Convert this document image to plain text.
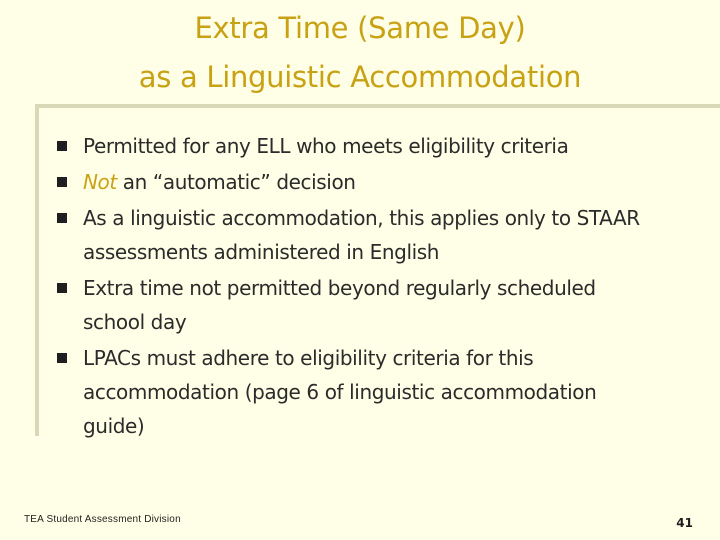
Extra Time (Same Day)
as a Linguistic Accommodation
Permitted for any ELL who meets eligibility criteria
Not an “automatic” decision
As a linguistic accommodation, this applies only to STAAR
assessments administered in English
Extra time not permitted beyond regularly scheduled
school day
LPACs must adhere to eligibility criteria for this
accommodation (page 6 of linguistic accommodation
guide)
TEA Student Assessment Division	41
